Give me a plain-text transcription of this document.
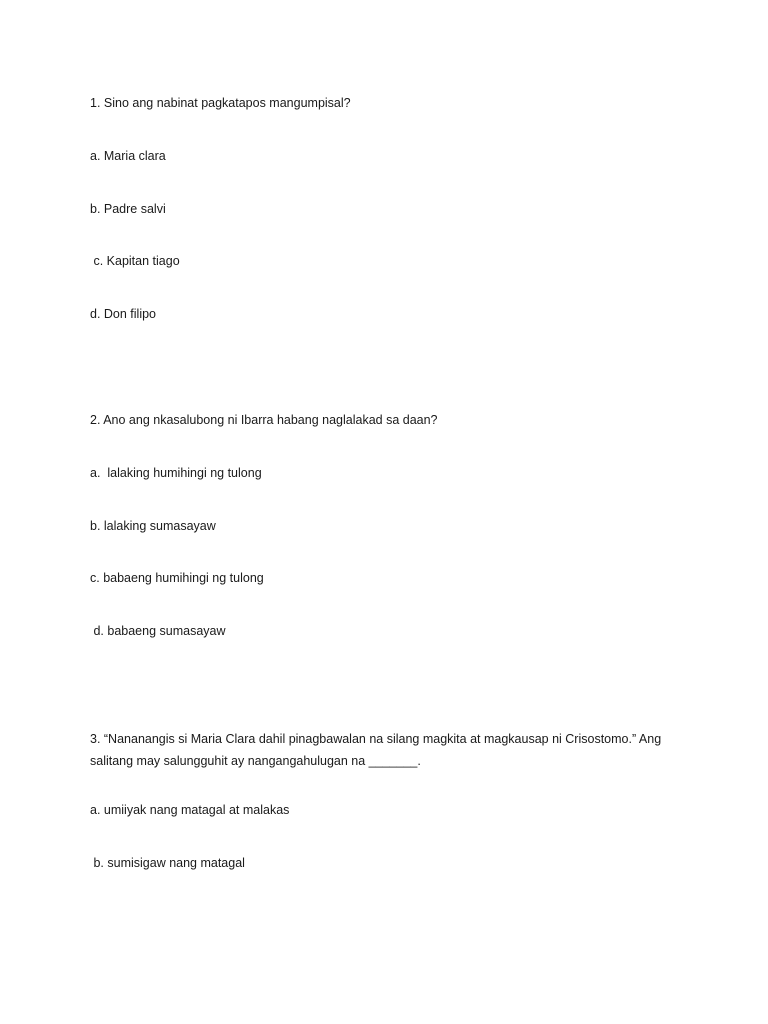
1. Sino ang nabinat pagkatapos mangumpisal?
a. Maria clara
b. Padre salvi
c. Kapitan tiago
d. Don filipo
2. Ano ang nkasalubong ni Ibarra habang naglalakad sa daan?
a.  lalaking humihingi ng tulong
b. lalaking sumasayaw
c. babaeng humihingi ng tulong
d. babaeng sumasayaw
3. “Nananangis si Maria Clara dahil pinagbawalan na silang magkita at magkausap ni Crisostomo.” Ang salitang may salungguhit ay nangangahulugan na _______.
a. umiiyak nang matagal at malakas
b. sumisigaw nang matagal
